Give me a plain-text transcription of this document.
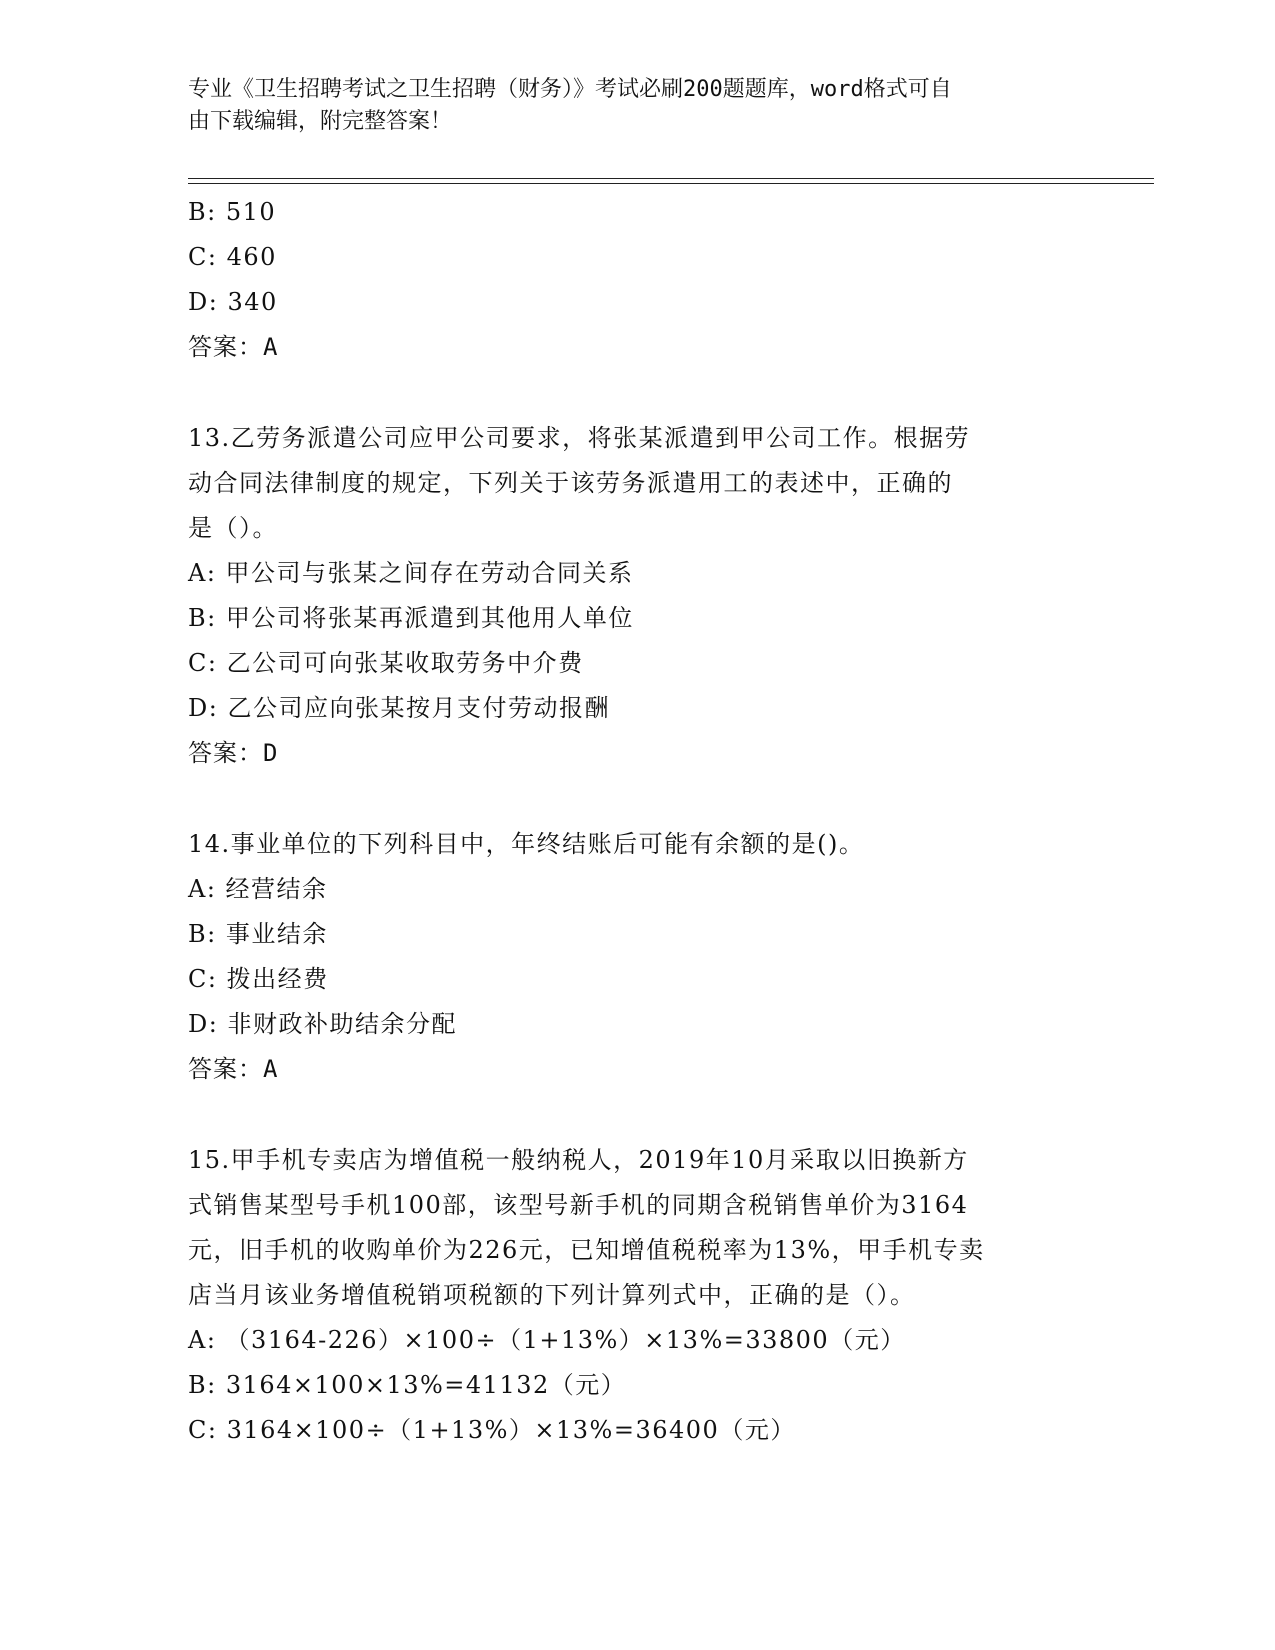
专业《卫生招聘考试之卫生招聘（财务）》考试必刷200题题库，word格式可自
由下载编辑，附完整答案！
B: 510
C: 460
D: 340
答案：A
13.乙劳务派遣公司应甲公司要求，将张某派遣到甲公司工作。根据劳
动合同法律制度的规定，下列关于该劳务派遣用工的表述中，正确的
是（）。
A: 甲公司与张某之间存在劳动合同关系
B: 甲公司将张某再派遣到其他用人单位
C: 乙公司可向张某收取劳务中介费
D: 乙公司应向张某按月支付劳动报酬
答案：D
14.事业单位的下列科目中，年终结账后可能有余额的是()。
A: 经营结余
B: 事业结余
C: 拨出经费
D: 非财政补助结余分配
答案：A
15.甲手机专卖店为增值税一般纳税人，2019年10月采取以旧换新方
式销售某型号手机100部，该型号新手机的同期含税销售单价为3164
元，旧手机的收购单价为226元，已知增值税税率为13%，甲手机专卖
店当月该业务增值税销项税额的下列计算列式中，正确的是（）。
A: （3164-226）×100÷（1+13%）×13%=33800（元）
B: 3164×100×13%=41132（元）
C: 3164×100÷（1+13%）×13%=36400（元）
